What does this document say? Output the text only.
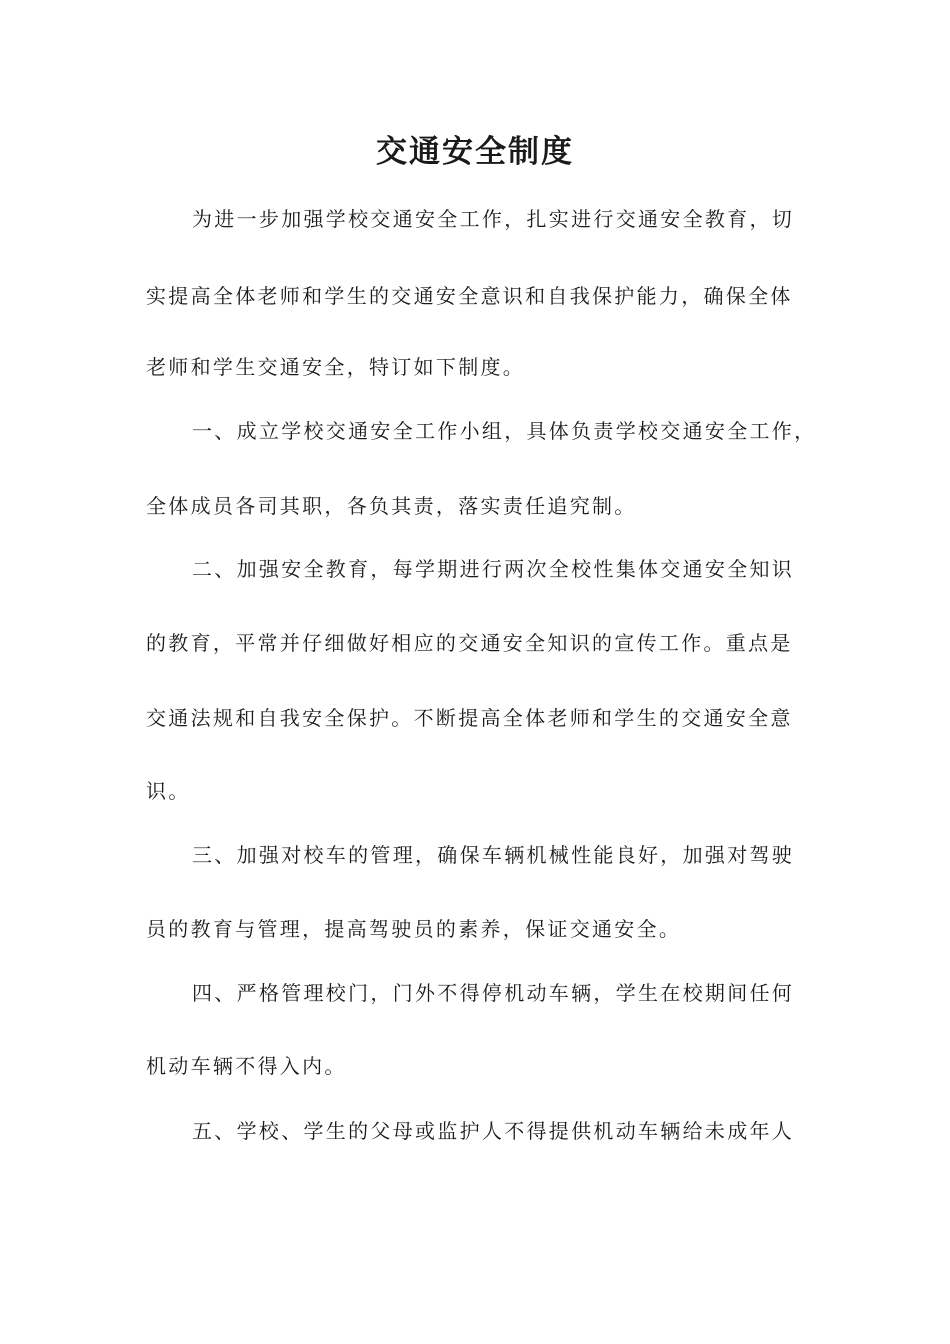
交通安全制度
为进一步加强学校交通安全工作，扎实进行交通安全教育，切
实提高全体老师和学生的交通安全意识和自我保护能力，确保全体
老师和学生交通安全，特订如下制度。
一、成立学校交通安全工作小组，具体负责学校交通安全工作，
全体成员各司其职，各负其责，落实责任追究制。
二、加强安全教育，每学期进行两次全校性集体交通安全知识
的教育，平常并仔细做好相应的交通安全知识的宣传工作。重点是
交通法规和自我安全保护。不断提高全体老师和学生的交通安全意
识。
三、加强对校车的管理，确保车辆机械性能良好，加强对驾驶
员的教育与管理，提高驾驶员的素养，保证交通安全。
四、严格管理校门，门外不得停机动车辆，学生在校期间任何
机动车辆不得入内。
五、学校、学生的父母或监护人不得提供机动车辆给未成年人
